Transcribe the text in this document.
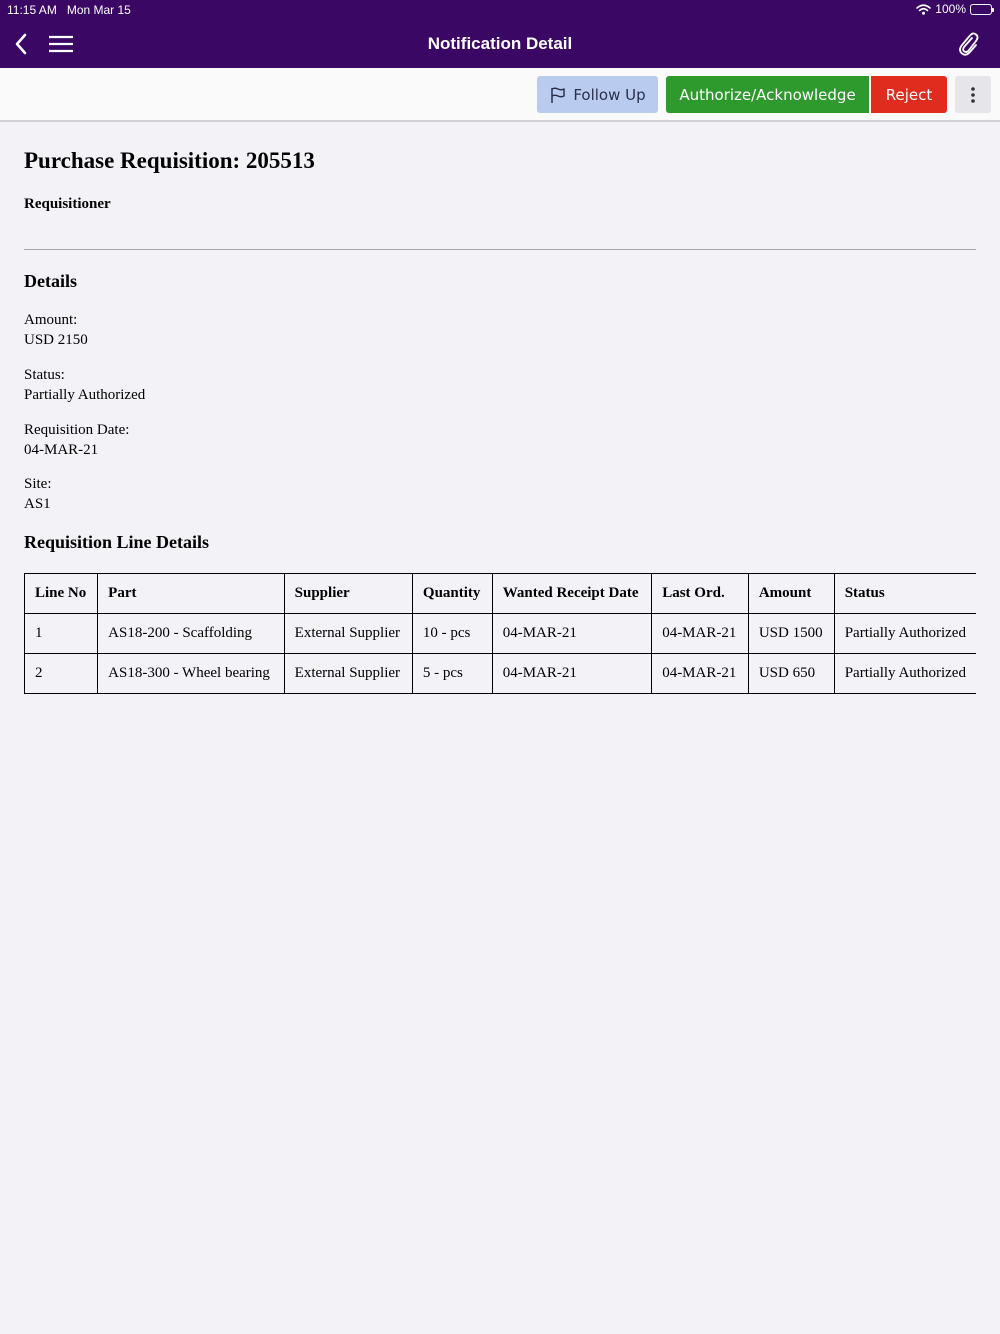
11:15 AM Mon Mar 15	100%
Notification Detail
Follow Up	Authorize/Acknowledge	Reject
Purchase Requisition: 205513
Requisitioner
Details
Amount:
USD 2150
Status:
Partially Authorized
Requisition Date:
04-MAR-21
Site:
AS1
Requisition Line Details
Line No	Part	Supplier	Quantity	Wanted Receipt Date	Last Ord.	Amount	Status
1	AS18-200 - Scaffolding	External Supplier	10 - pcs	04-MAR-21	04-MAR-21	USD 1500	Partially Authorized
2	AS18-300 - Wheel bearing	External Supplier	5 - pcs	04-MAR-21	04-MAR-21	USD 650	Partially Authorized
